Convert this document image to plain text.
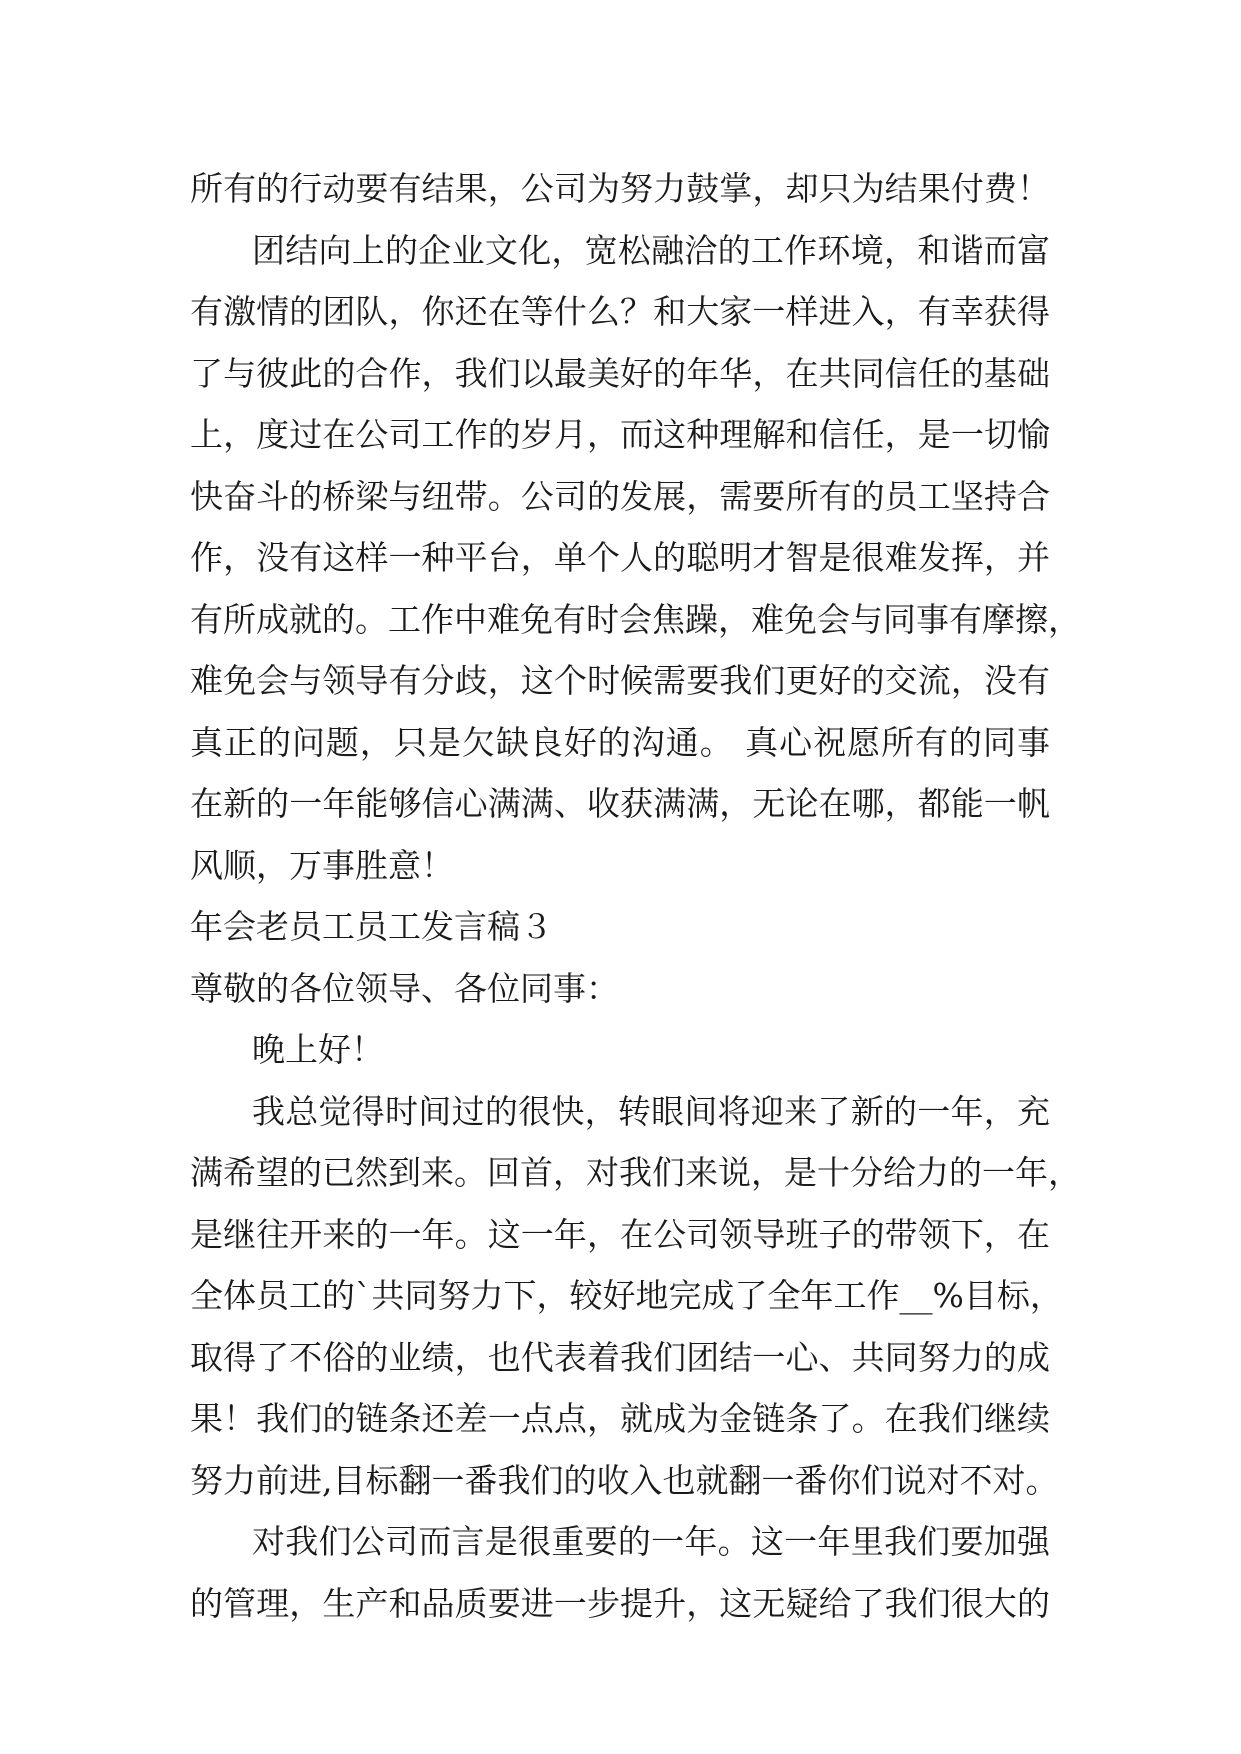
所有的行动要有结果，公司为努力鼓掌，却只为结果付费！
团结向上的企业文化，宽松融洽的工作环境，和谐而富
有激情的团队，你还在等什么？和大家一样进入，有幸获得
了与彼此的合作，我们以最美好的年华，在共同信任的基础
上，度过在公司工作的岁月，而这种理解和信任，是一切愉
快奋斗的桥梁与纽带。公司的发展，需要所有的员工坚持合
作，没有这样一种平台，单个人的聪明才智是很难发挥，并
有所成就的。工作中难免有时会焦躁，难免会与同事有摩擦，
难免会与领导有分歧，这个时候需要我们更好的交流，没有
真正的问题，只是欠缺良好的沟通。 真心祝愿所有的同事
在新的一年能够信心满满、收获满满，无论在哪，都能一帆
风顺，万事胜意！
年会老员工员工发言稿３
尊敬的各位领导、各位同事：
晚上好！
我总觉得时间过的很快，转眼间将迎来了新的一年，充
满希望的已然到来。回首，对我们来说，是十分给力的一年，
是继往开来的一年。这一年，在公司领导班子的带领下，在
全体员工的`共同努力下，较好地完成了全年工作__%目标，
取得了不俗的业绩，也代表着我们团结一心、共同努力的成
果！我们的链条还差一点点，就成为金链条了。在我们继续
努力前进,目标翻一番我们的收入也就翻一番你们说对不对。
对我们公司而言是很重要的一年。这一年里我们要加强
的管理，生产和品质要进一步提升，这无疑给了我们很大的
